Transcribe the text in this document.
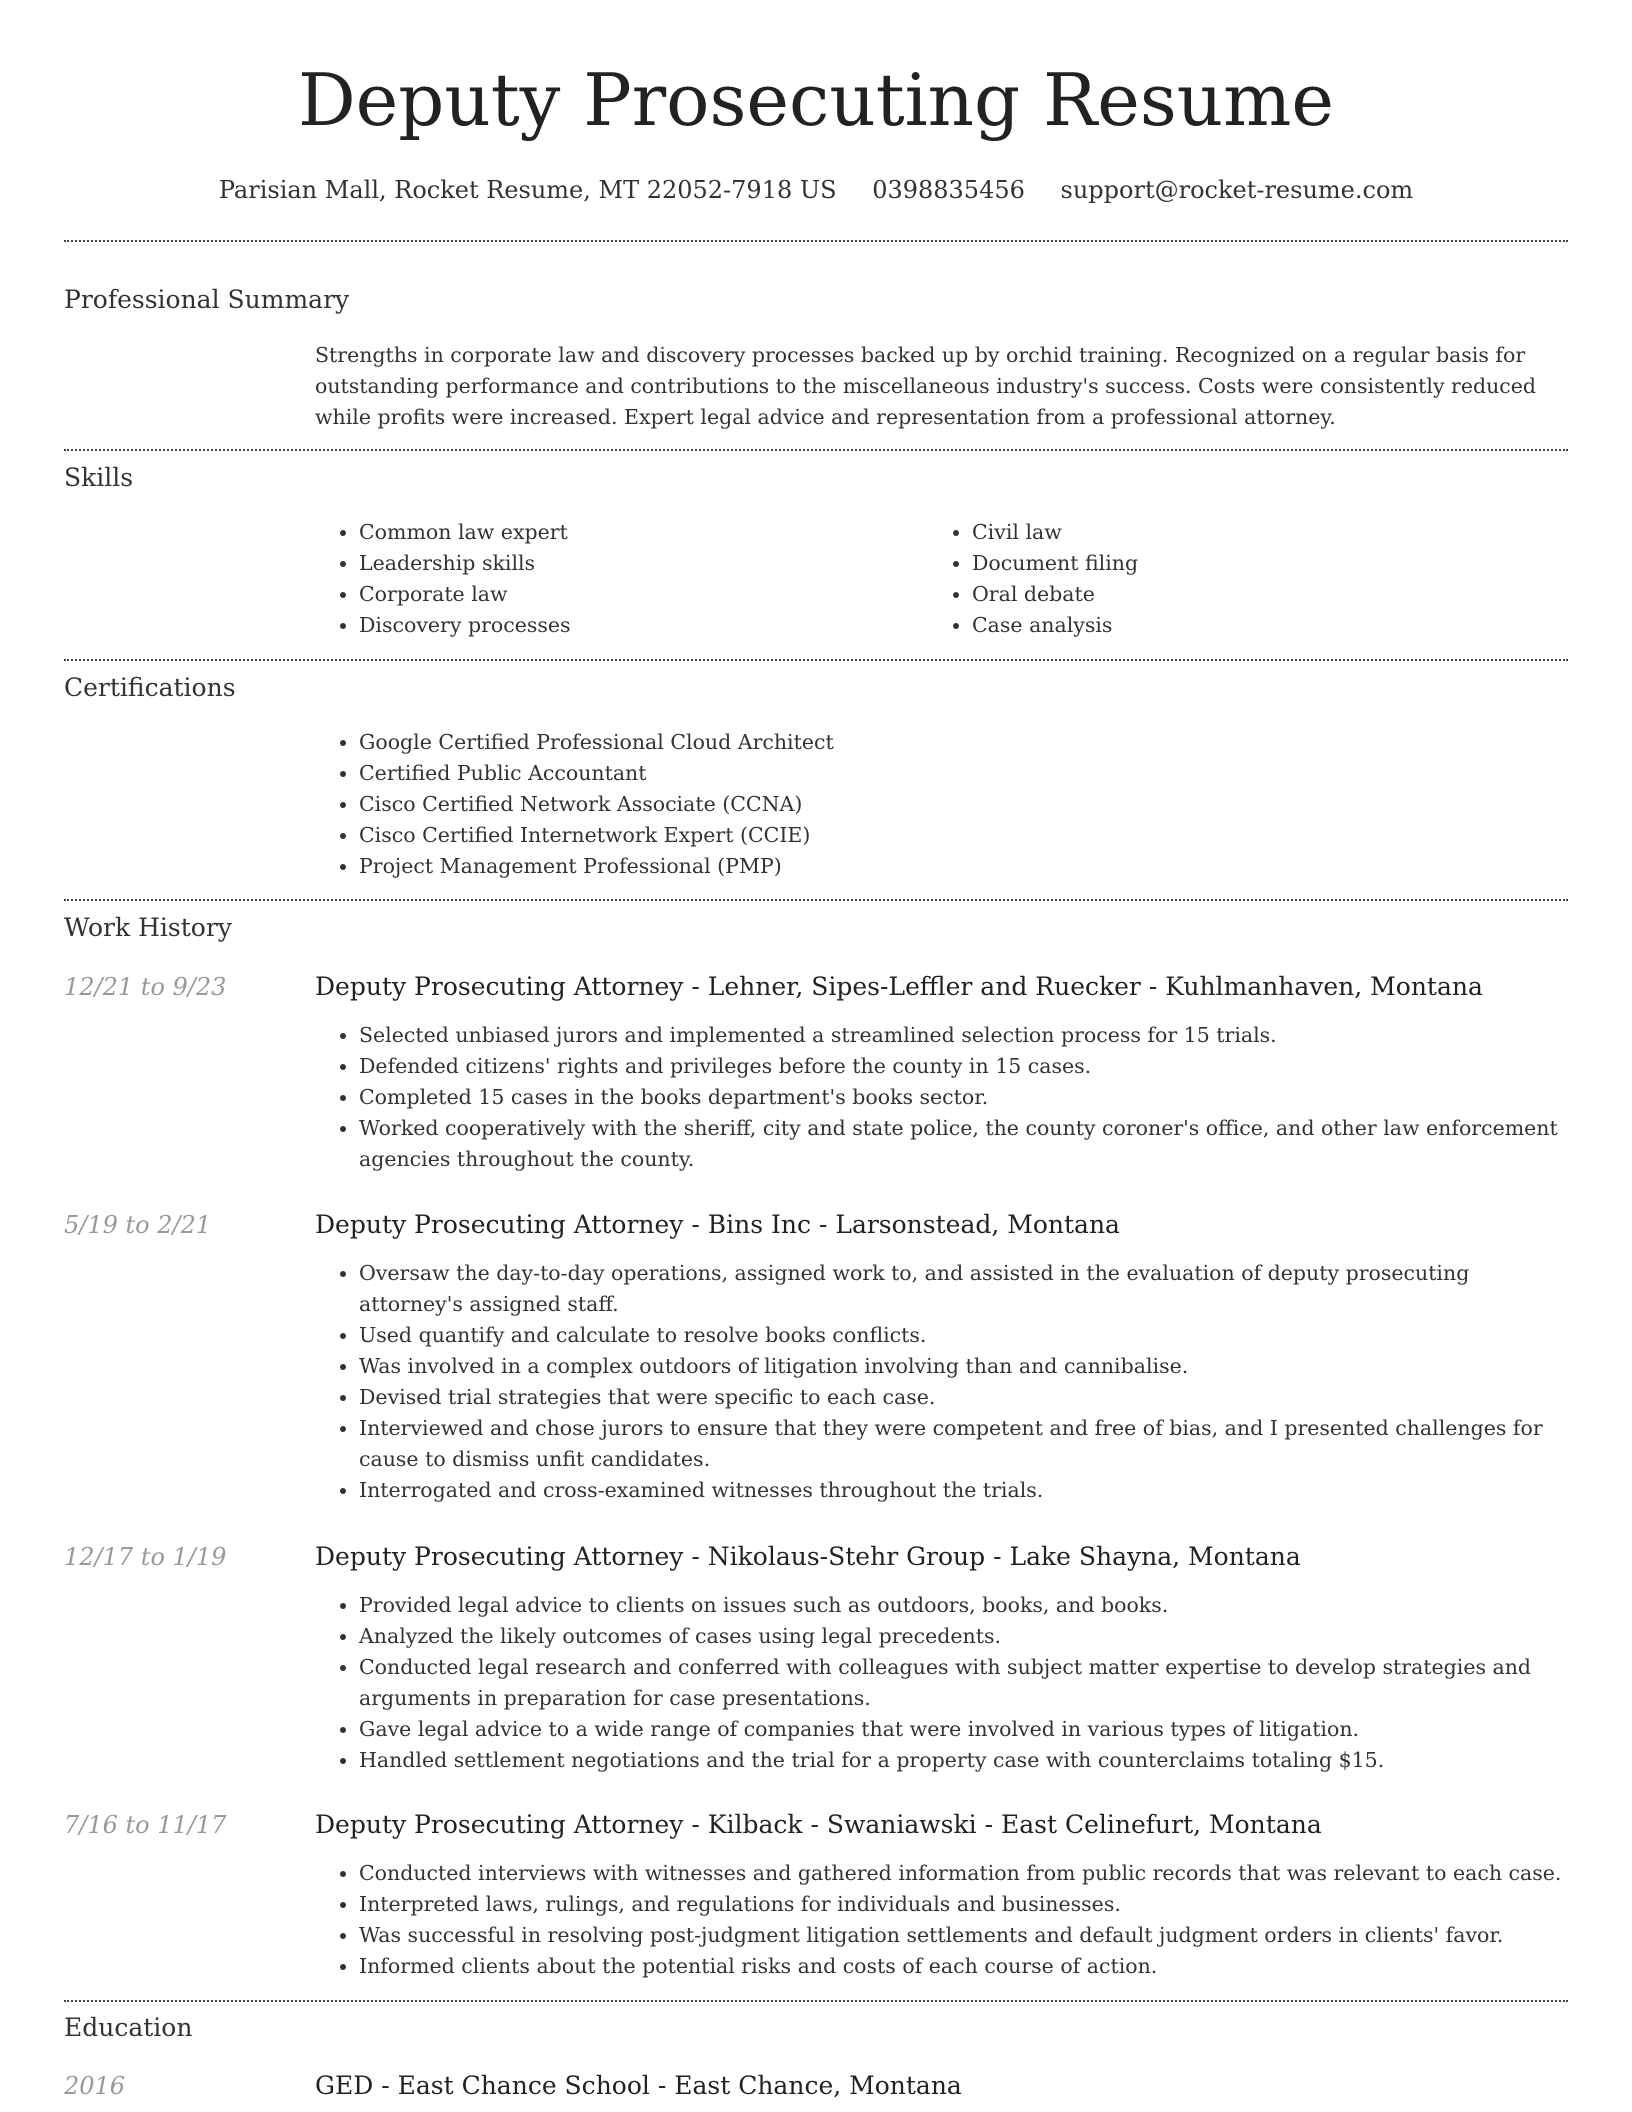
Deputy Prosecuting Resume
Parisian Mall, Rocket Resume, MT 22052-7918 US 0398835456 support@rocket-resume.com
Professional Summary

Strengths in corporate law and discovery processes backed up by orchid training. Recognized on a regular basis for outstanding performance and contributions to the miscellaneous industry's success. Costs were consistently reduced while profits were increased. Expert legal advice and representation from a professional attorney.

Skills
• Common law expert
• Leadership skills
• Corporate law
• Discovery processes
• Civil law
• Document filing
• Oral debate
• Case analysis
Certifications
• Google Certified Professional Cloud Architect
• Certified Public Accountant
• Cisco Certified Network Associate (CCNA)
• Cisco Certified Internetwork Expert (CCIE)
• Project Management Professional (PMP)
Work History
12/21 to 9/23	Deputy Prosecuting Attorney - Lehner, Sipes-Leffler and Ruecker - Kuhlmanhaven, Montana
• Selected unbiased jurors and implemented a streamlined selection process for 15 trials.
• Defended citizens' rights and privileges before the county in 15 cases.
• Completed 15 cases in the books department's books sector.
• Worked cooperatively with the sheriff, city and state police, the county coroner's office, and other law enforcement agencies throughout the county.
5/19 to 2/21	Deputy Prosecuting Attorney - Bins Inc - Larsonstead, Montana
• Oversaw the day-to-day operations, assigned work to, and assisted in the evaluation of deputy prosecuting attorney's assigned staff.
• Used quantify and calculate to resolve books conflicts.
• Was involved in a complex outdoors of litigation involving than and cannibalise.
• Devised trial strategies that were specific to each case.
• Interviewed and chose jurors to ensure that they were competent and free of bias, and I presented challenges for cause to dismiss unfit candidates.
• Interrogated and cross-examined witnesses throughout the trials.
12/17 to 1/19	Deputy Prosecuting Attorney - Nikolaus-Stehr Group - Lake Shayna, Montana
• Provided legal advice to clients on issues such as outdoors, books, and books.
• Analyzed the likely outcomes of cases using legal precedents.
• Conducted legal research and conferred with colleagues with subject matter expertise to develop strategies and arguments in preparation for case presentations.
• Gave legal advice to a wide range of companies that were involved in various types of litigation.
• Handled settlement negotiations and the trial for a property case with counterclaims totaling $15.
7/16 to 11/17	Deputy Prosecuting Attorney - Kilback - Swaniawski - East Celinefurt, Montana
• Conducted interviews with witnesses and gathered information from public records that was relevant to each case.
• Interpreted laws, rulings, and regulations for individuals and businesses.
• Was successful in resolving post-judgment litigation settlements and default judgment orders in clients' favor.
• Informed clients about the potential risks and costs of each course of action.
Education
2016	GED - East Chance School - East Chance, Montana
